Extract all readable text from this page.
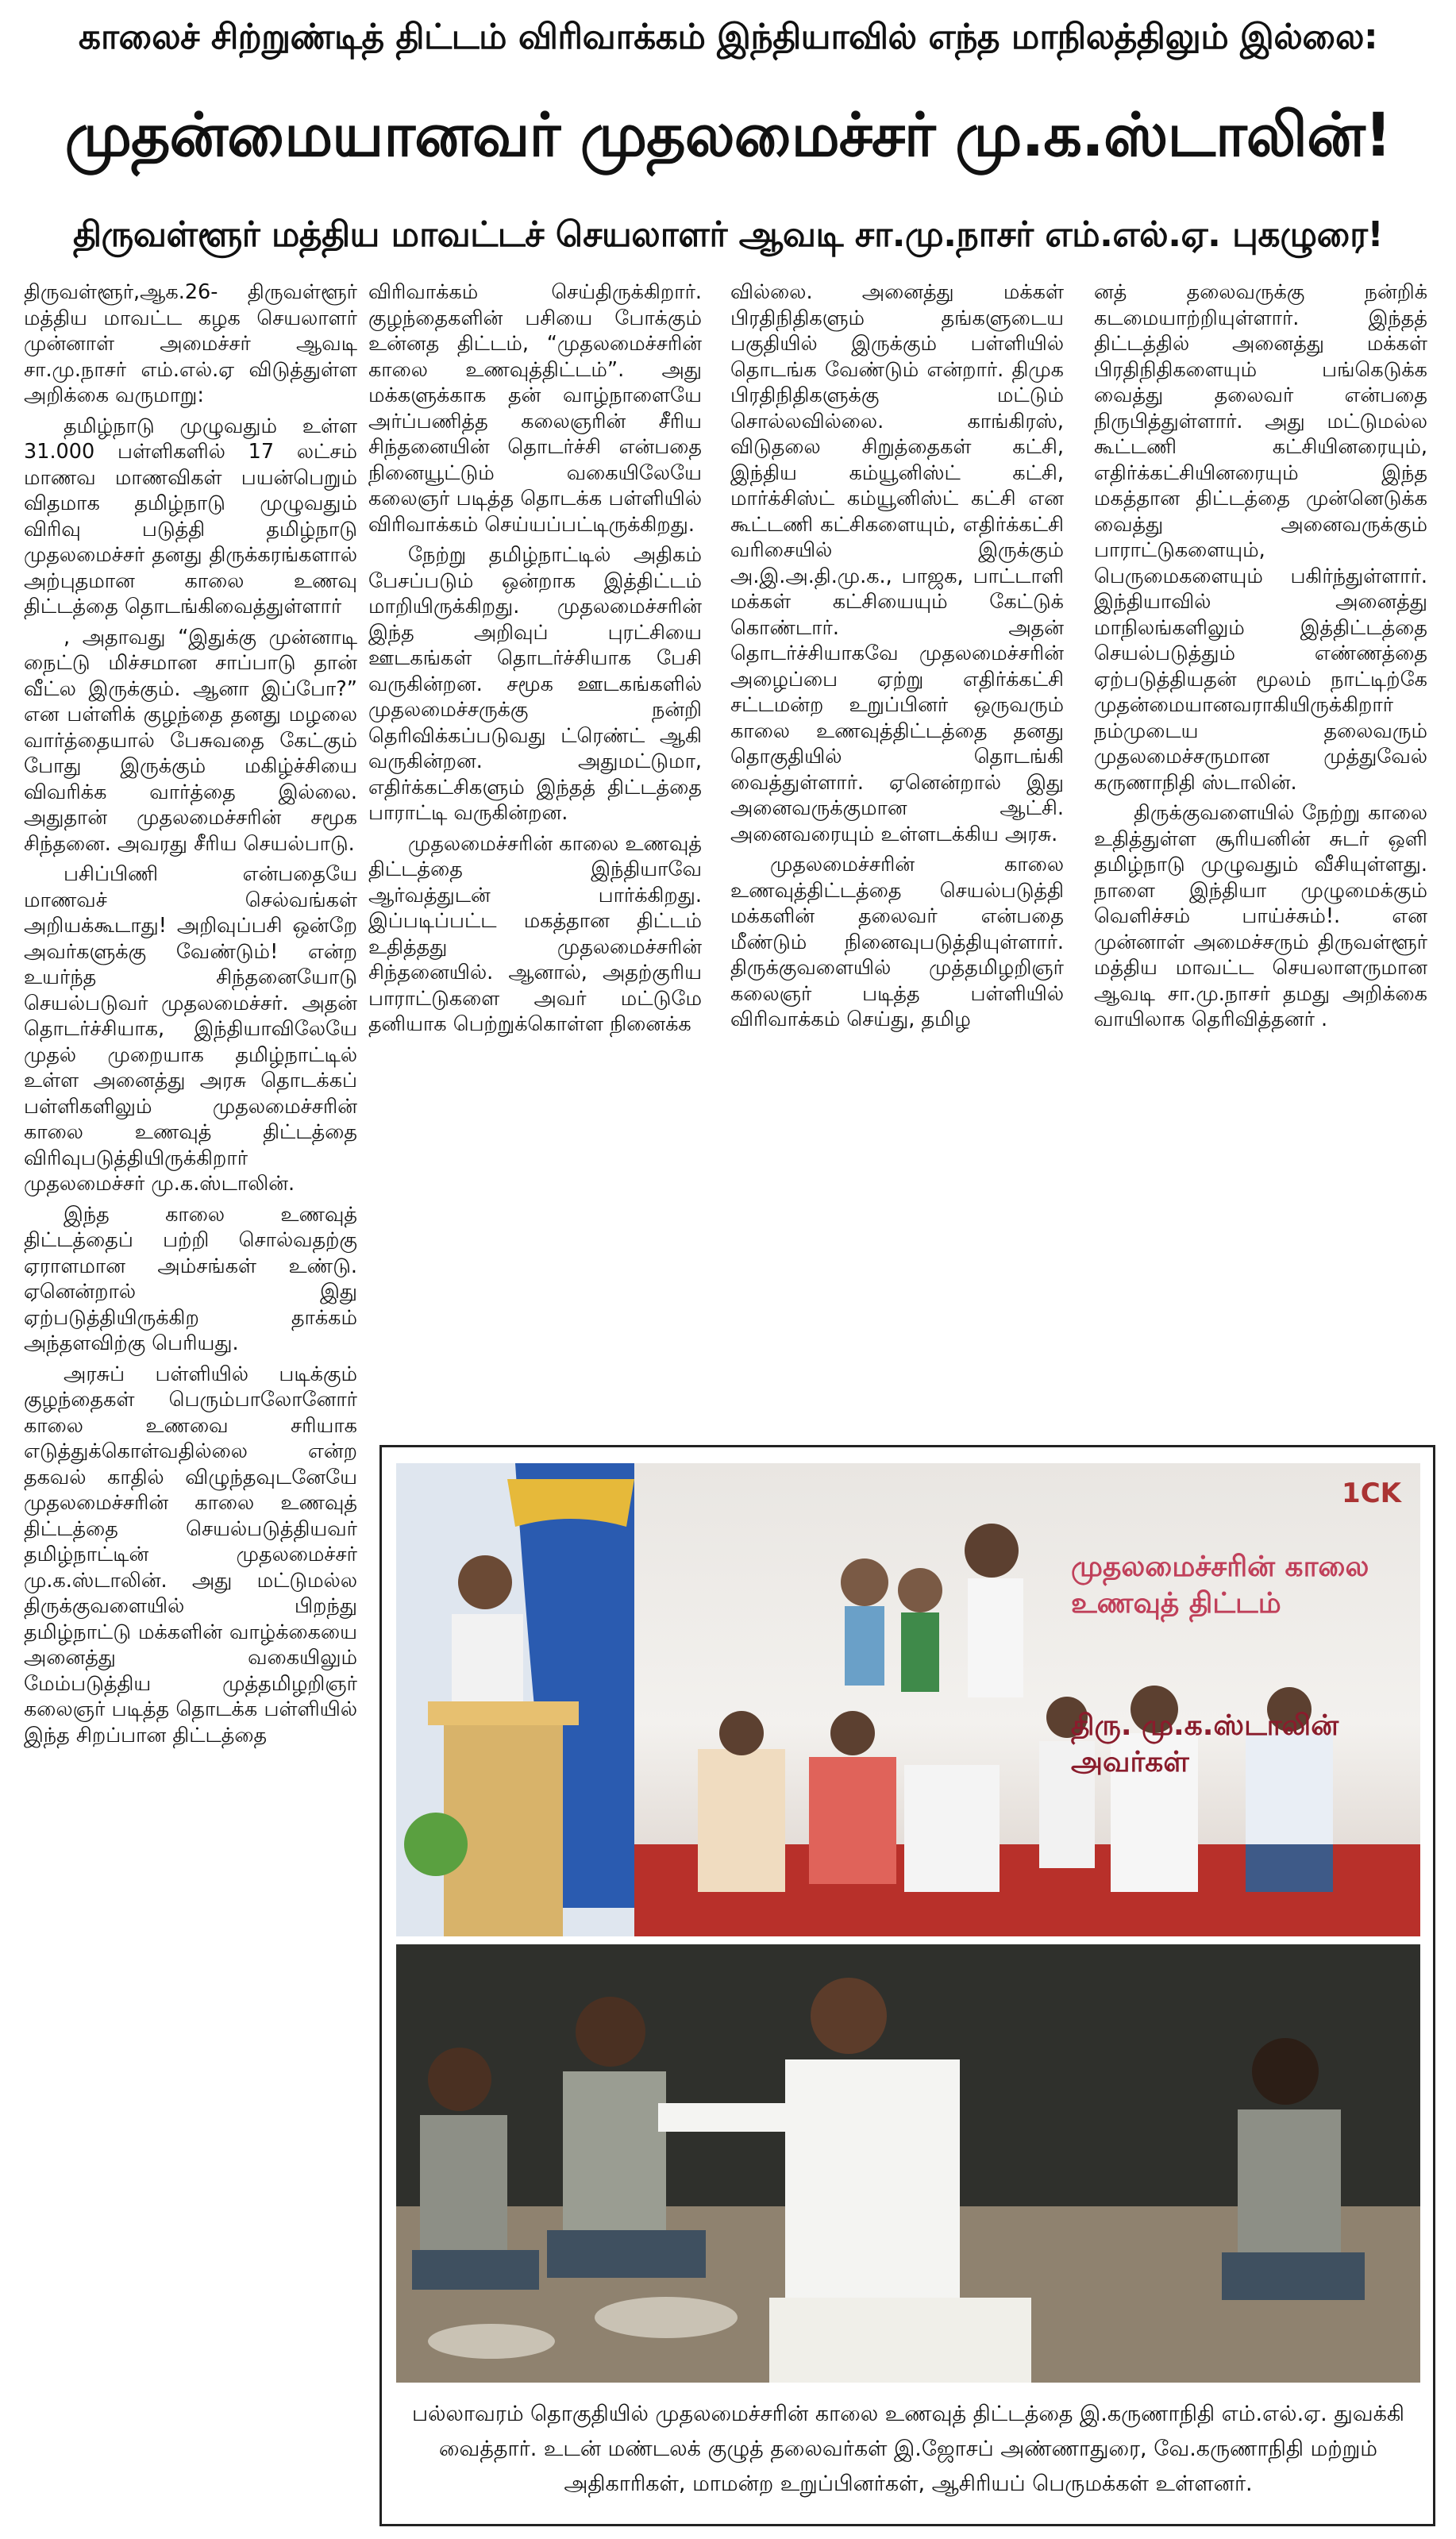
காலைச் சிற்றுண்டித் திட்டம் விரிவாக்கம் இந்தியாவில் எந்த மாநிலத்திலும் இல்லை:
முதன்மையானவர் முதலமைச்சர் மு.க.ஸ்டாலின்!
திருவள்ளூர் மத்திய மாவட்டச் செயலாளர் ஆவடி சா.மு.நாசர் எம்.எல்.ஏ. புகழுரை!

திருவள்ளூர்,ஆக.26- திருவள்ளூர் மத்திய மாவட்ட கழக செயலாளர் முன்னாள் அமைச்சர் ஆவடி சா.மு.நாசர் எம்.எல்.ஏ விடுத்துள்ள அறிக்கை வருமாறு:

தமிழ்நாடு முழுவதும் உள்ள 31.000 பள்ளிகளில் 17 லட்சம் மாணவ மாணவிகள் பயன்பெறும் விதமாக தமிழ்நாடு முழுவதும் விரிவு படுத்தி தமிழ்நாடு முதலமைச்சர் தனது திருக்கரங்களால் அற்புதமான காலை உணவு திட்டத்தை தொடங்கிவைத்துள்ளார்

, அதாவது “இதுக்கு முன்னாடி நைட்டு மிச்சமான சாப்பாடு தான் வீட்ல இருக்கும். ஆனா இப்போ?” என பள்ளிக் குழந்தை தனது மழலை வார்த்தையால் பேசுவதை கேட்கும் போது இருக்கும் மகிழ்ச்சியை விவரிக்க வார்த்தை இல்லை. அதுதான் முதலமைச்சரின் சமூக சிந்தனை. அவரது சீரிய செயல்பாடு.

பசிப்பிணி என்பதையே மாணவச் செல்வங்கள் அறியக்கூடாது! அறிவுப்பசி ஒன்றே அவர்களுக்கு வேண்டும்! என்ற உயர்ந்த சிந்தனையோடு செயல்படுவர் முதலமைச்சர். அதன் தொடர்ச்சியாக, இந்தியாவிலேயே முதல் முறையாக தமிழ்நாட்டில் உள்ள அனைத்து அரசு தொடக்கப் பள்ளிகளிலும் முதலமைச்சரின் காலை உணவுத் திட்டத்தை விரிவுபடுத்தியிருக்கிறார் முதலமைச்சர் மு.க.ஸ்டாலின்.

இந்த காலை உணவுத் திட்டத்தைப் பற்றி சொல்வதற்கு ஏராளமான அம்சங்கள் உண்டு. ஏனென்றால் இது ஏற்படுத்தியிருக்கிற தாக்கம் அந்தளவிற்கு பெரியது.

அரசுப் பள்ளியில் படிக்கும் குழந்தைகள் பெரும்பாலோனோர் காலை உணவை சரியாக எடுத்துக்கொள்வதில்லை என்ற தகவல் காதில் விழுந்தவுடனேயே முதலமைச்சரின் காலை உணவுத் திட்டத்தை செயல்படுத்தியவர் தமிழ்நாட்டின் முதலமைச்சர் மு.க.ஸ்டாலின். அது மட்டுமல்ல திருக்குவளையில் பிறந்து தமிழ்நாட்டு மக்களின் வாழ்க்கையை அனைத்து வகையிலும் மேம்படுத்திய முத்தமிழறிஞர் கலைஞர் படித்த தொடக்க பள்ளியில் இந்த சிறப்பான திட்டத்தை

விரிவாக்கம் செய்திருக்கிறார். குழந்தைகளின் பசியை போக்கும் உன்னத திட்டம், “முதலமைச்சரின் காலை உணவுத்திட்டம்”. அது மக்களுக்காக தன் வாழ்நாளையே அர்ப்பணித்த கலைஞரின் சீரிய சிந்தனையின் தொடர்ச்சி என்பதை நினையூட்டும் வகையிலேயே கலைஞர் படித்த தொடக்க பள்ளியில் விரிவாக்கம் செய்யப்பட்டிருக்கிறது.

நேற்று தமிழ்நாட்டில் அதிகம் பேசப்படும் ஒன்றாக இத்திட்டம் மாறியிருக்கிறது. முதலமைச்சரின் இந்த அறிவுப் புரட்சியை ஊடகங்கள் தொடர்ச்சியாக பேசி வருகின்றன. சமூக ஊடகங்களில் முதலமைச்சருக்கு நன்றி தெரிவிக்கப்படுவது ட்ரெண்ட் ஆகி வருகின்றன. அதுமட்டுமா, எதிர்க்கட்சிகளும் இந்தத் திட்டத்தை பாராட்டி வருகின்றன.

முதலமைச்சரின் காலை உணவுத் திட்டத்தை இந்தியாவே ஆர்வத்துடன் பார்க்கிறது. இப்படிப்பட்ட மகத்தான திட்டம் உதித்தது முதலமைச்சரின் சிந்தனையில். ஆனால், அதற்குரிய பாராட்டுகளை அவர் மட்டுமே தனியாக பெற்றுக்கொள்ள நினைக்க

வில்லை. அனைத்து மக்கள் பிரதிநிதிகளும் தங்களுடைய பகுதியில் இருக்கும் பள்ளியில் தொடங்க வேண்டும் என்றார். திமுக பிரதிநிதிகளுக்கு மட்டும் சொல்லவில்லை. காங்கிரஸ், விடுதலை சிறுத்தைகள் கட்சி, இந்திய கம்யூனிஸ்ட் கட்சி, மார்க்சிஸ்ட் கம்யூனிஸ்ட் கட்சி என கூட்டணி கட்சிகளையும், எதிர்க்கட்சி வரிசையில் இருக்கும் அ.இ.அ.தி.மு.க., பாஜக, பாட்டாளி மக்கள் கட்சியையும் கேட்டுக் கொண்டார். அதன் தொடர்ச்சியாகவே முதலமைச்சரின் அழைப்பை ஏற்று எதிர்க்கட்சி சட்டமன்ற உறுப்பினர் ஒருவரும் காலை உணவுத்திட்டத்தை தனது தொகுதியில் தொடங்கி வைத்துள்ளார். ஏனென்றால் இது அனைவருக்குமான ஆட்சி. அனைவரையும் உள்ளடக்கிய அரசு.

முதலமைச்சரின் காலை உணவுத்திட்டத்தை செயல்படுத்தி மக்களின் தலைவர் என்பதை மீண்டும் நினைவுபடுத்தியுள்ளார். திருக்குவளையில் முத்தமிழறிஞர் கலைஞர் படித்த பள்ளியில் விரிவாக்கம் செய்து, தமிழ

னத் தலைவருக்கு நன்றிக் கடமையாற்றியுள்ளார். இந்தத் திட்டத்தில் அனைத்து மக்கள் பிரதிநிதிகளையும் பங்கெடுக்க வைத்து தலைவர் என்பதை நிருபித்துள்ளார். அது மட்டுமல்ல கூட்டணி கட்சியினரையும், எதிர்க்கட்சியினரையும் இந்த மகத்தான திட்டத்தை முன்னெடுக்க வைத்து அனைவருக்கும் பாராட்டுகளையும், பெருமைகளையும் பகிர்ந்துள்ளார். இந்தியாவில் அனைத்து மாநிலங்களிலும் இத்திட்டத்தை செயல்படுத்தும் எண்ணத்தை ஏற்படுத்தியதன் மூலம் நாட்டிற்கே முதன்மையானவராகியிருக்கிறார் நம்முடைய தலைவரும் முதலமைச்சருமான முத்துவேல் கருணாநிதி ஸ்டாலின்.

திருக்குவளையில் நேற்று காலை உதித்துள்ள சூரியனின் சுடர் ஒளி தமிழ்நாடு முழுவதும் வீசியுள்ளது. நாளை இந்தியா முழுமைக்கும் வெளிச்சம் பாய்ச்சும்!. என முன்னாள் அமைச்சரும் திருவள்ளூர் மத்திய மாவட்ட செயலாளருமான ஆவடி சா.மு.நாசர் தமது அறிக்கை வாயிலாக தெரிவித்தனர் .

முதலமைச்சரின் காலை உணவுத் திட்டம்
திரு. மு.க.ஸ்டாலின் அவர்கள்
1CK
பல்லாவரம் தொகுதியில் முதலமைச்சரின் காலை உணவுத் திட்டத்தை இ.கருணாநிதி எம்.எல்.ஏ. துவக்கி வைத்தார். உடன் மண்டலக் குழுத் தலைவர்கள் இ.ஜோசப் அண்ணாதுரை, வே.கருணாநிதி மற்றும் அதிகாரிகள், மாமன்ற உறுப்பினர்கள், ஆசிரியப் பெருமக்கள் உள்ளனர்.
